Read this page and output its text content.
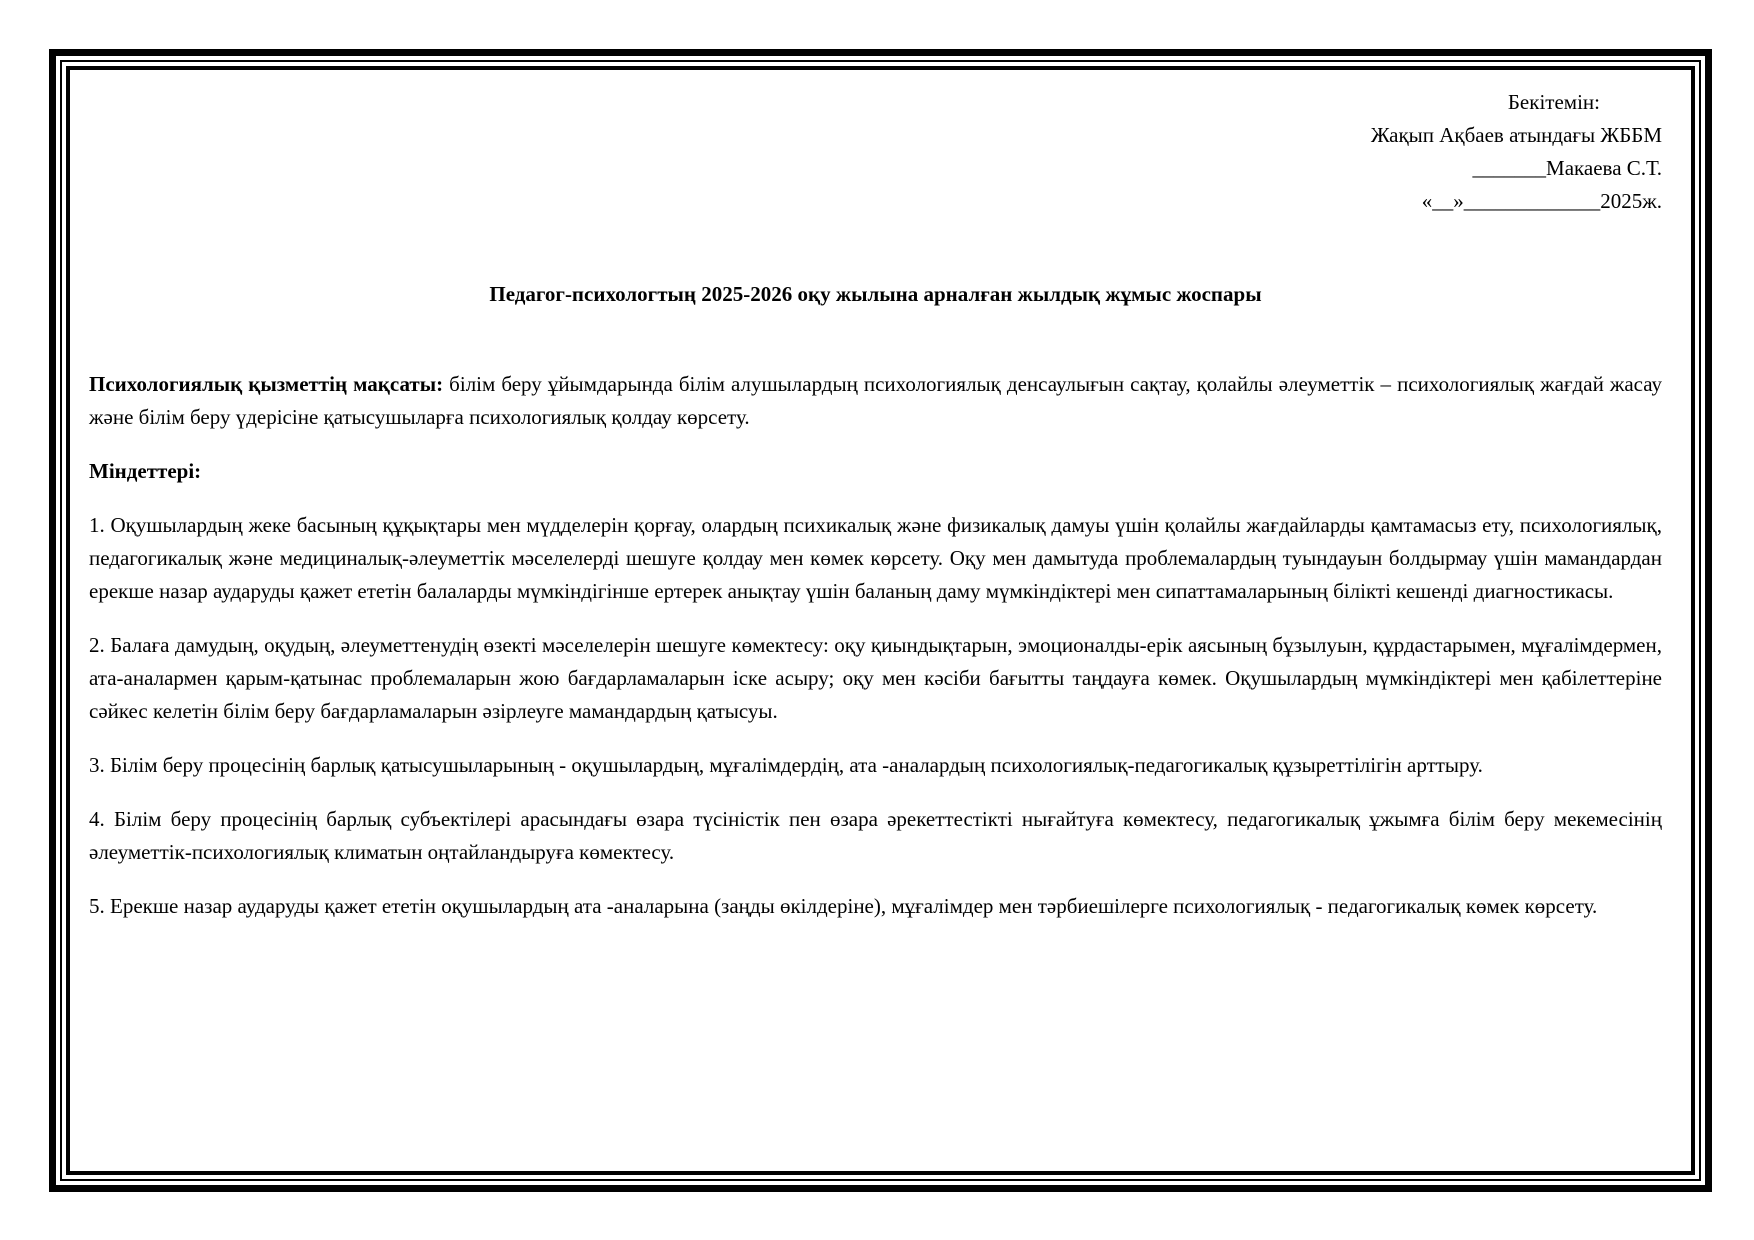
Бекітемін:
Жақып Ақбаев атындағы ЖББМ
_______Макаева С.Т.
«__»_____________2025ж.
Педагог-психологтың 2025-2026 оқу жылына арналған жылдық жұмыс жоспары

Психологиялық қызметтің мақсаты: білім беру ұйымдарында білім алушылардың психологиялық денсаулығын сақтау, қолайлы әлеуметтік – психологиялық жағдай жасау және білім беру үдерісіне қатысушыларға психологиялық қолдау көрсету.

Міндеттері:

1. Оқушылардың жеке басының құқықтары мен мүдделерін қорғау, олардың психикалық және физикалық дамуы үшін қолайлы жағдайларды қамтамасыз ету, психологиялық, педагогикалық және медициналық-әлеуметтік мәселелерді шешуге қолдау мен көмек көрсету. Оқу мен дамытуда проблемалардың туындауын болдырмау үшін мамандардан ерекше назар аударуды қажет ететін балаларды мүмкіндігінше ертерек анықтау үшін баланың даму мүмкіндіктері мен сипаттамаларының білікті кешенді диагностикасы.

2. Балаға дамудың, оқудың, әлеуметтенудің өзекті мәселелерін шешуге көмектесу: оқу қиындықтарын, эмоционалды-ерік аясының бұзылуын, құрдастарымен, мұғалімдермен, ата-аналармен қарым-қатынас проблемаларын жою бағдарламаларын іске асыру; оқу мен кәсіби бағытты таңдауға көмек. Оқушылардың мүмкіндіктері мен қабілеттеріне сәйкес келетін білім беру бағдарламаларын әзірлеуге мамандардың қатысуы.

3. Білім беру процесінің барлық қатысушыларының - оқушылардың, мұғалімдердің, ата -аналардың психологиялық-педагогикалық құзыреттілігін арттыру.

4. Білім беру процесінің барлық субъектілері арасындағы өзара түсіністік пен өзара әрекеттестікті нығайтуға көмектесу, педагогикалық ұжымға білім беру мекемесінің әлеуметтік-психологиялық климатын оңтайландыруға көмектесу.

5. Ерекше назар аударуды қажет ететін оқушылардың ата -аналарына (заңды өкілдеріне), мұғалімдер мен тәрбиешілерге психологиялық - педагогикалық көмек көрсету.
